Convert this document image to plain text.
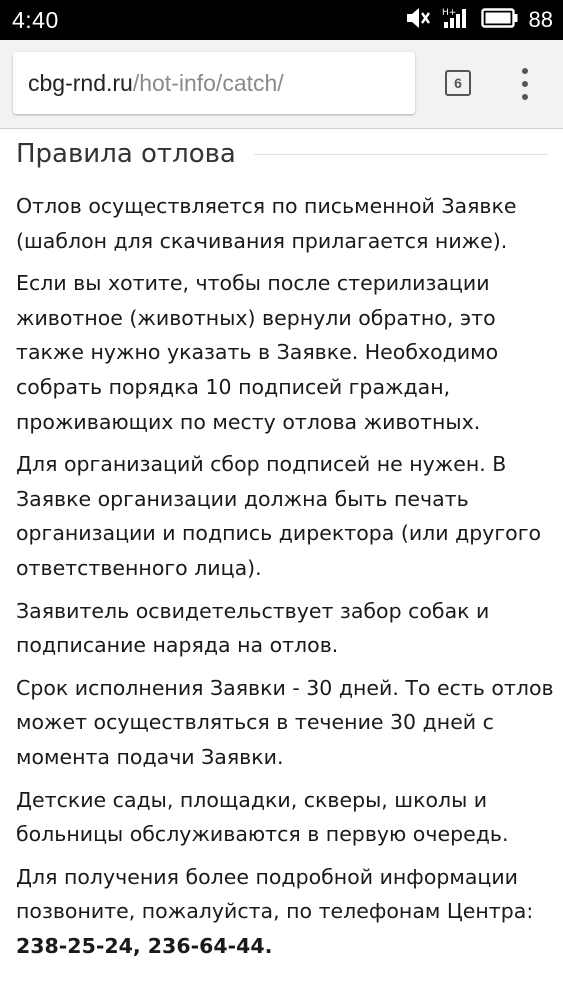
4:40	H+	88
cbg-rnd.ru /hot-info/catch/	6
Правила отлова

Отлов осуществляется по письменной Заявке (шаблон для скачивания прилагается ниже).

Если вы хотите, чтобы после стерилизации животное (животных) вернули обратно, это также нужно указать в Заявке. Необходимо собрать порядка 10 подписей граждан, проживающих по месту отлова животных.

Для организаций сбор подписей не нужен. В Заявке организации должна быть печать организации и подпись директора (или другого ответственного лица).

Заявитель освидетельствует забор собак и подписание наряда на отлов.

Срок исполнения Заявки - 30 дней. То есть отлов может осуществляться в течение 30 дней с момента подачи Заявки.

Детские сады, площадки, скверы, школы и больницы обслуживаются в первую очередь.

Для получения более подробной информации позвоните, пожалуйста, по телефонам Центра: 238-25-24, 236-64-44.
